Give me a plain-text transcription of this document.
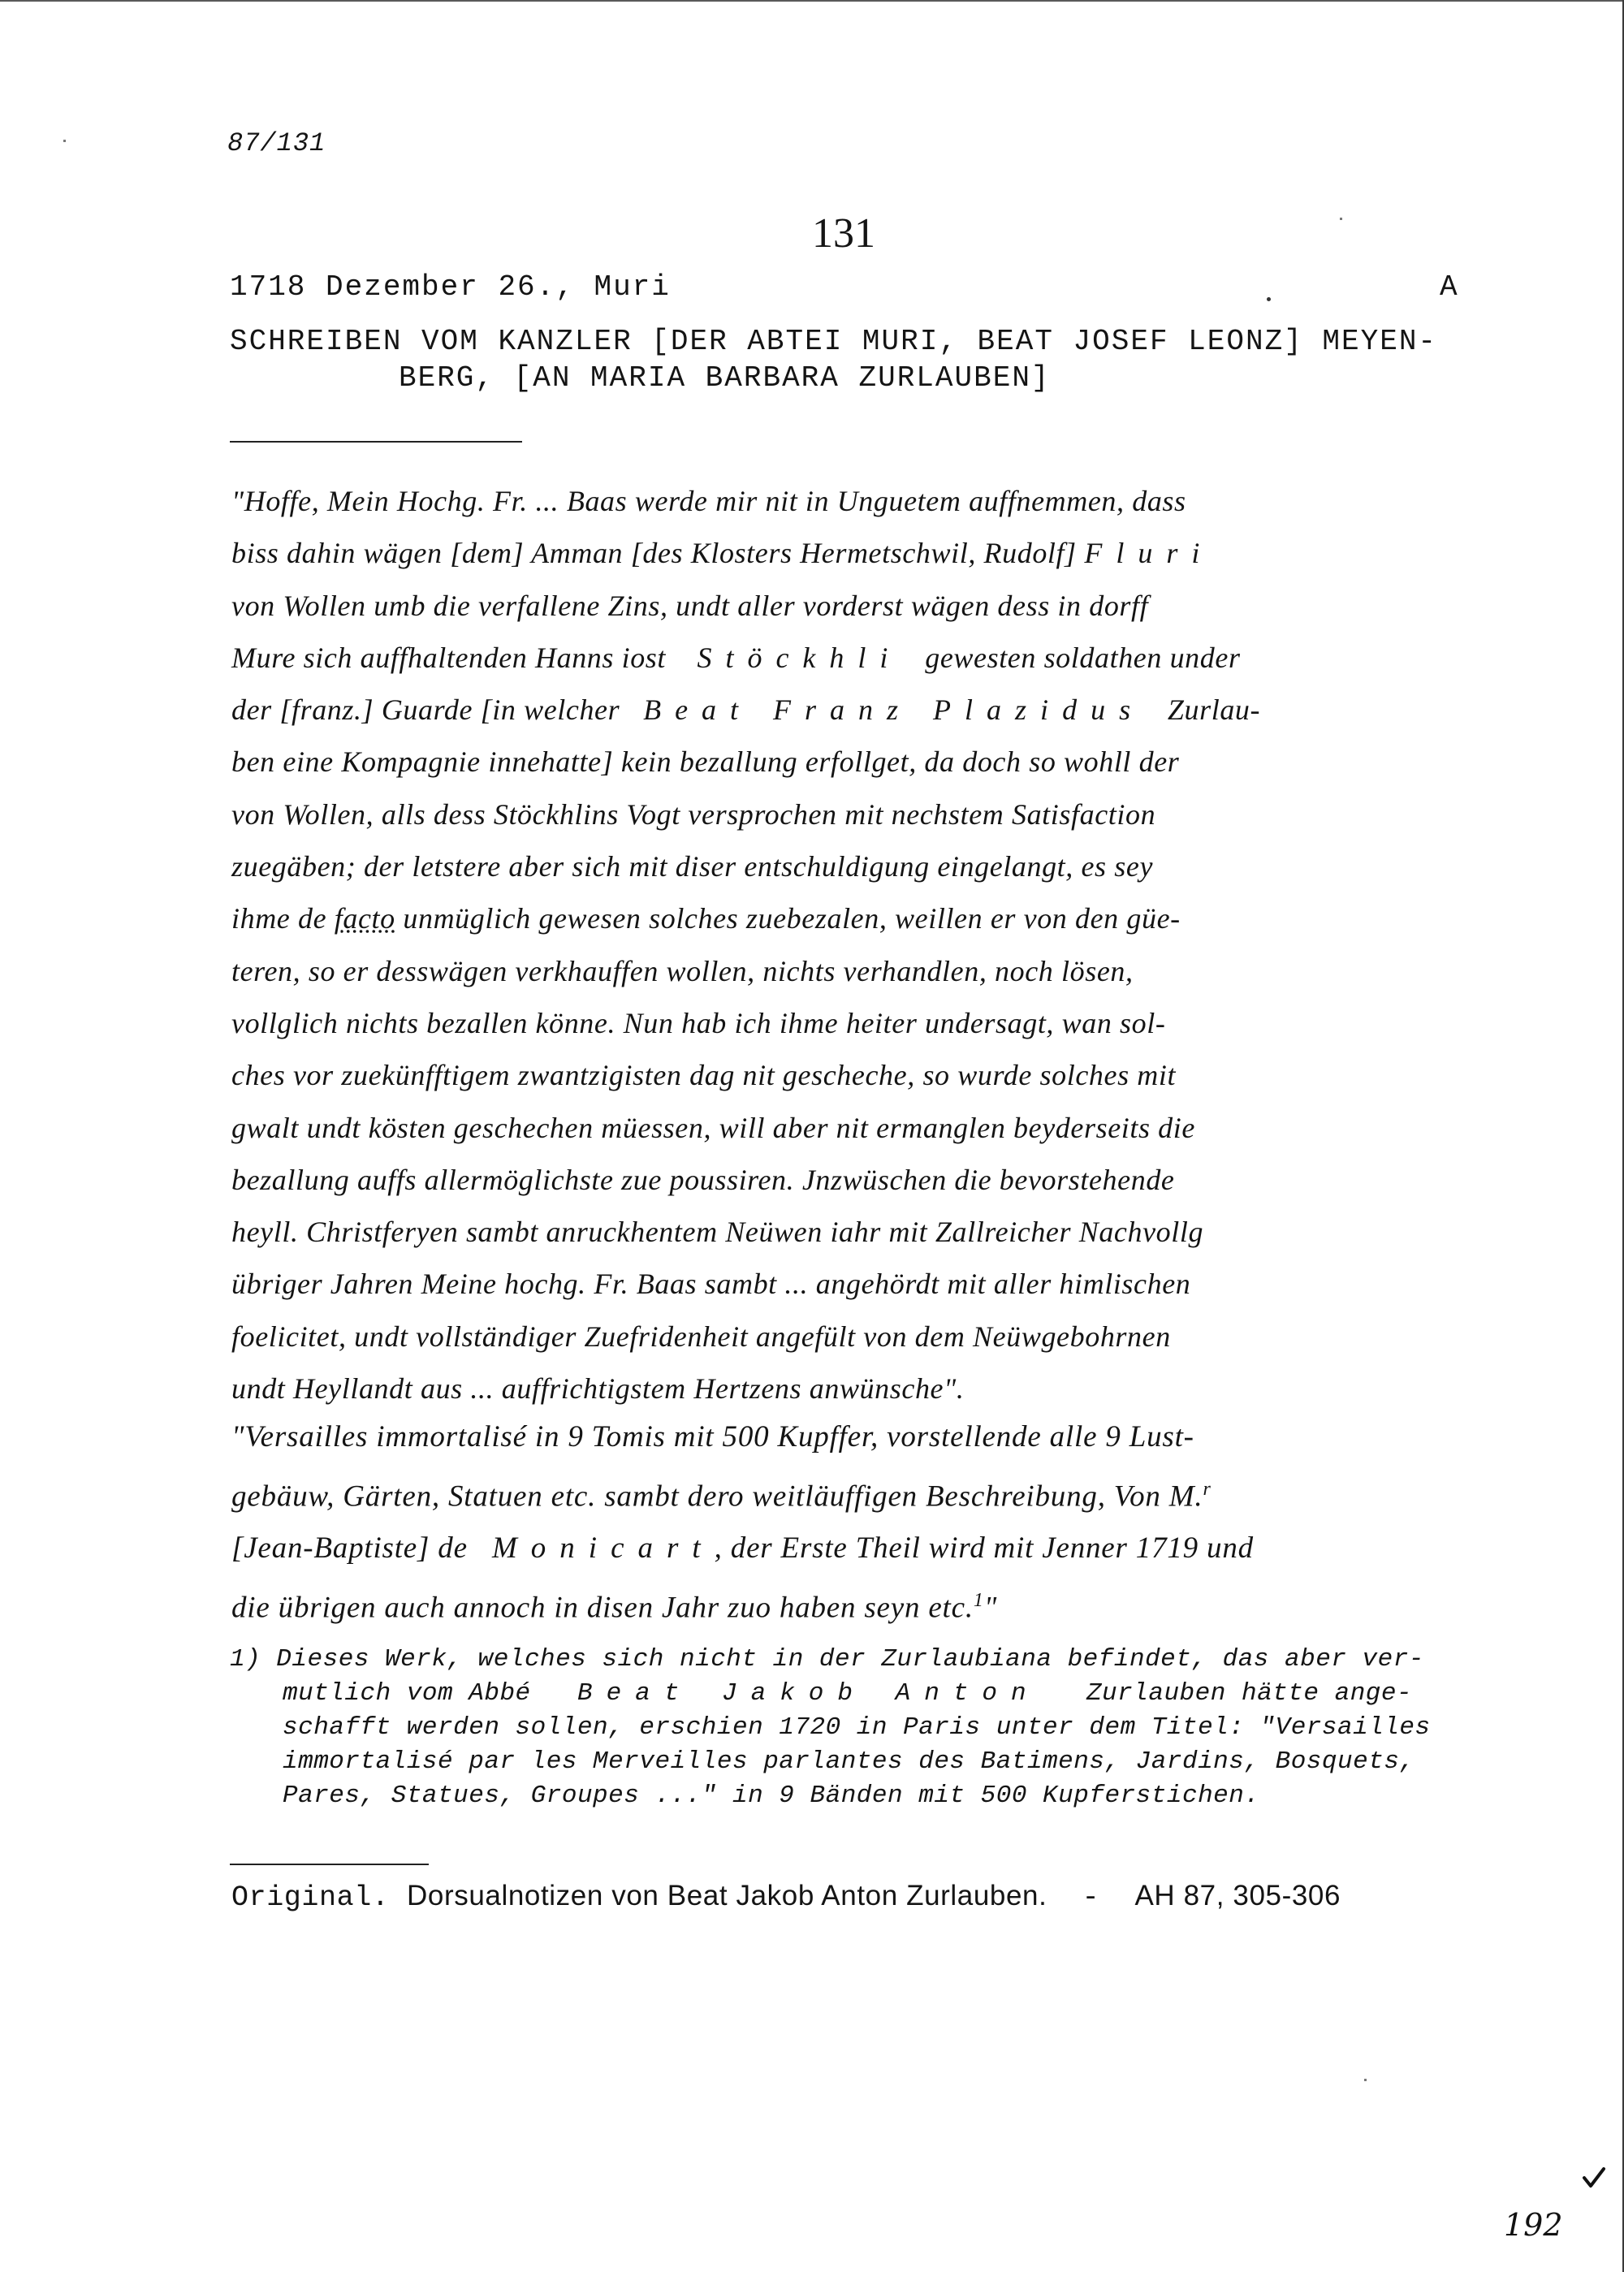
87/131
131
1718 Dezember 26., Muri	A
SCHREIBEN VOM KANZLER [DER ABTEI MURI, BEAT JOSEF LEONZ] MEYEN-
BERG, [AN MARIA BARBARA ZURLAUBEN]
"Hoffe, Mein Hochg. Fr. ... Baas werde mir nit in Unguetem auffnemmen, dass
biss dahin wägen [dem] Amman [des Klosters Hermetschwil, Rudolf] Fluri
von Wollen umb die verfallene Zins, undt aller vorderst wägen dess in dorff
Mure sich auffhaltenden Hanns iost Stöckhli gewesten soldathen under
der [franz.] Guarde [in welcher Beat Franz Plazidus Zurlau-
ben eine Kompagnie innehatte] kein bezallung erfollget, da doch so wohll der
von Wollen, alls dess Stöckhlins Vogt versprochen mit nechstem Satisfaction
zuegäben; der letstere aber sich mit diser entschuldigung eingelangt, es sey
ihme de facto unmüglich gewesen solches zuebezalen, weillen er von den güe-
teren, so er desswägen verkhauffen wollen, nichts verhandlen, noch lösen,
vollglich nichts bezallen könne. Nun hab ich ihme heiter undersagt, wan sol-
ches vor zuekünfftigem zwantzigisten dag nit gescheche, so wurde solches mit
gwalt undt kösten geschechen müessen, will aber nit ermanglen beyderseits die
bezallung auffs allermöglichste zue poussiren. Jnzwüschen die bevorstehende
heyll. Christferyen sambt anruckhentem Neüwen iahr mit Zallreicher Nachvollg
übriger Jahren Meine hochg. Fr. Baas sambt ... angehördt mit aller himlischen
foelicitet, undt vollständiger Zuefridenheit angefült von dem Neüwgebohrnen
undt Heyllandt aus ... auffrichtigstem Hertzens anwünsche".
"Versailles immortalisé in 9 Tomis mit 500 Kupffer, vorstellende alle 9 Lust-
gebäuw, Gärten, Statuen etc. sambt dero weitläuffigen Beschreibung, Von M.$^r$
[Jean-Baptiste] de Monicart, der Erste Theil wird mit Jenner 1719 und
die übrigen auch annoch in disen Jahr zuo haben seyn etc.$^1$"
1) Dieses Werk, welches sich nicht in der Zurlaubiana befindet, das aber ver-
mutlich vom Abbé Beat Jakob Anton Zurlauben hätte ange-
schafft werden sollen, erschien 1720 in Paris unter dem Titel: "Versailles
immortalisé par les Merveilles parlantes des Batimens, Jardins, Bosquets,
Pares, Statues, Groupes ..." in 9 Bänden mit 500 Kupferstichen.
Original. Dorsualnotizen von Beat Jakob Anton Zurlauben. - AH 87, 305-306
192
